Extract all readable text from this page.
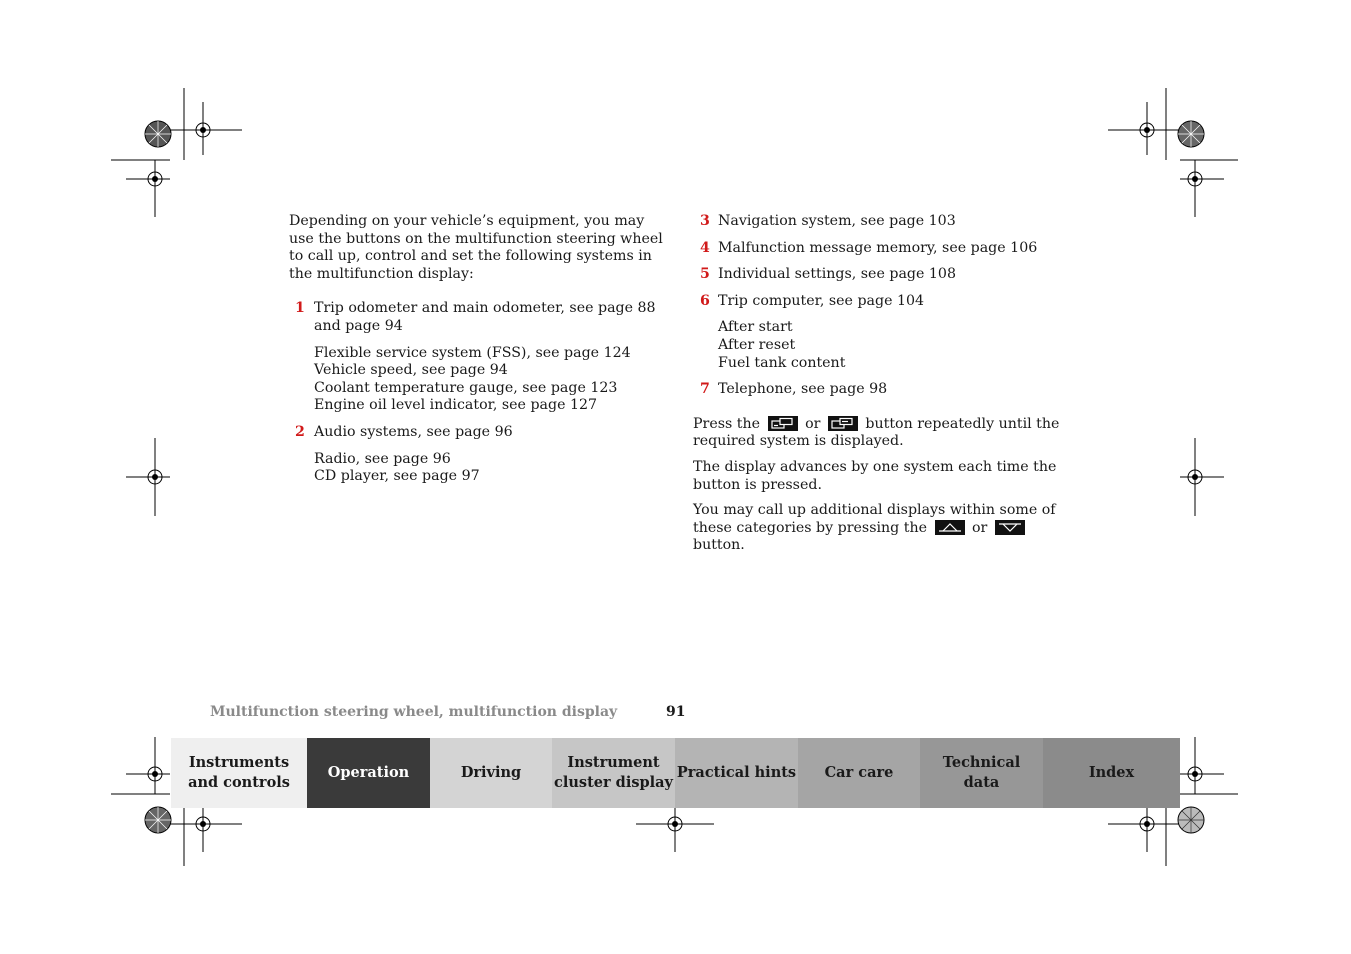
Depending on your vehicle’s equipment, you may use the buttons on the multifunction steering wheel to call up, control and set the following systems in the multifunction display:

1 Trip odometer and main odometer, see page 88 and page 94
Flexible service system (FSS), see page 124
Vehicle speed, see page 94
Coolant temperature gauge, see page 123
Engine oil level indicator, see page 127
2 Audio systems, see page 96
Radio, see page 96
CD player, see page 97
3 Navigation system, see page 103
4 Malfunction message memory, see page 106
5 Individual settings, see page 108
6 Trip computer, see page 104
After start
After reset
Fuel tank content
7 Telephone, see page 98

Press the	or	button repeatedly until the required system is displayed.

The display advances by one system each time the button is pressed.

You may call up additional displays within some of these categories by pressing the	or
button.

Multifunction steering wheel, multifunction display	91
Instruments
and controls
Operation	Driving
Instrument
cluster display
Practical hints Car care
Technical
data
Index
